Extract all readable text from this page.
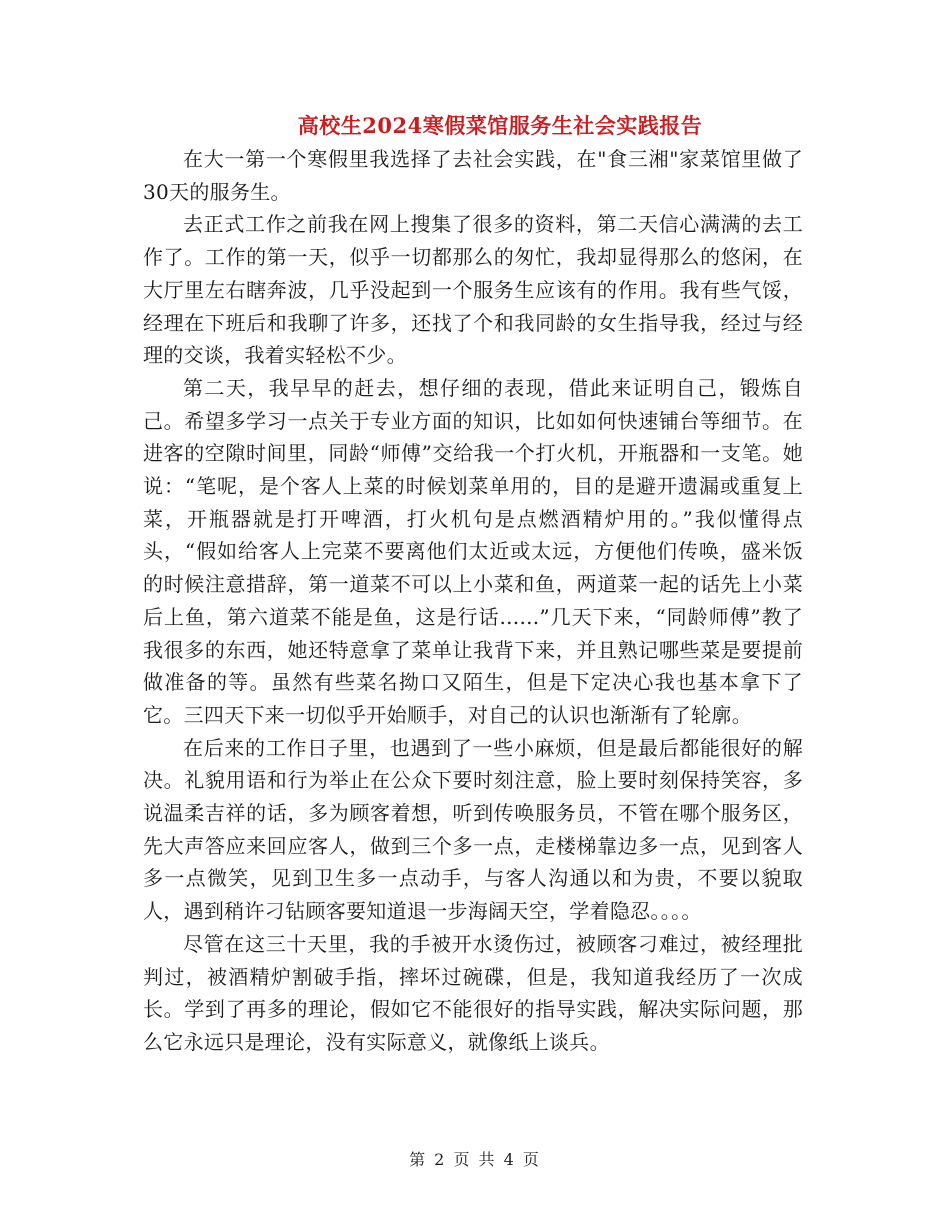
高校生2024寒假菜馆服务生社会实践报告

在大一第一个寒假里我选择了去社会实践，在"食三湘"家菜馆里做了30天的服务生。

去正式工作之前我在网上搜集了很多的资料，第二天信心满满的去工作了。工作的第一天，似乎一切都那么的匆忙，我却显得那么的悠闲，在大厅里左右瞎奔波，几乎没起到一个服务生应该有的作用。我有些气馁，经理在下班后和我聊了许多，还找了个和我同龄的女生指导我，经过与经理的交谈，我着实轻松不少。

第二天，我早早的赶去，想仔细的表现，借此来证明自己，锻炼自己。希望多学习一点关于专业方面的知识，比如如何快速铺台等细节。在进客的空隙时间里，同龄“师傅”交给我一个打火机，开瓶器和一支笔。她说：“笔呢，是个客人上菜的时候划菜单用的，目的是避开遗漏或重复上菜，开瓶器就是打开啤酒，打火机句是点燃酒精炉用的。”我似懂得点头，“假如给客人上完菜不要离他们太近或太远，方便他们传唤，盛米饭的时候注意措辞，第一道菜不可以上小菜和鱼，两道菜一起的话先上小菜后上鱼，第六道菜不能是鱼，这是行话......”几天下来，“同龄师傅”教了我很多的东西，她还特意拿了菜单让我背下来，并且熟记哪些菜是要提前做准备的等。虽然有些菜名拗口又陌生，但是下定决心我也基本拿下了它。三四天下来一切似乎开始顺手，对自己的认识也渐渐有了轮廓。

在后来的工作日子里，也遇到了一些小麻烦，但是最后都能很好的解决。礼貌用语和行为举止在公众下要时刻注意，脸上要时刻保持笑容，多说温柔吉祥的话，多为顾客着想，听到传唤服务员，不管在哪个服务区，先大声答应来回应客人，做到三个多一点，走楼梯靠边多一点，见到客人多一点微笑，见到卫生多一点动手，与客人沟通以和为贵，不要以貌取人，遇到稍许刁钻顾客要知道退一步海阔天空，学着隐忍。。。。

尽管在这三十天里，我的手被开水烫伤过，被顾客刁难过，被经理批判过，被酒精炉割破手指，摔坏过碗碟，但是，我知道我经历了一次成长。学到了再多的理论，假如它不能很好的指导实践，解决实际问题，那么它永远只是理论，没有实际意义，就像纸上谈兵。

第 2 页 共 4 页
